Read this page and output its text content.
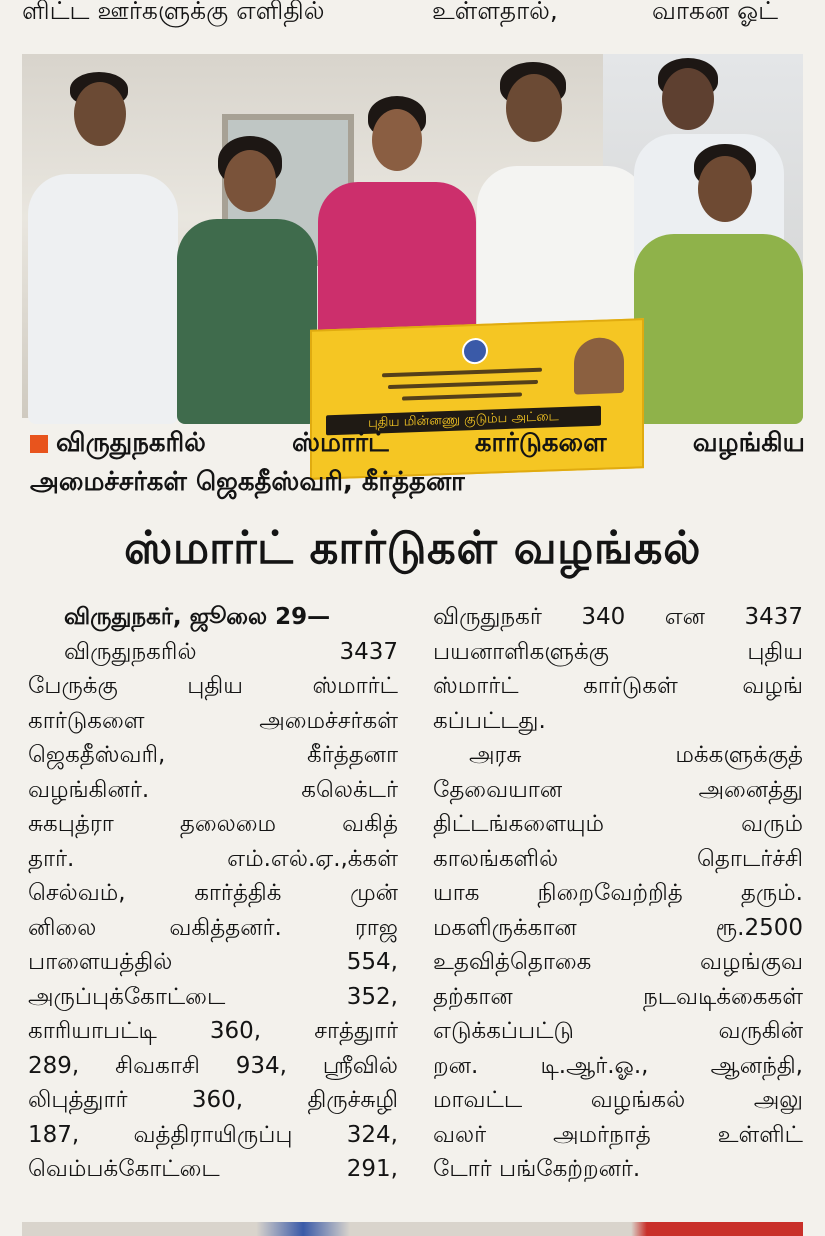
ளிட்ட ஊர்களுக்கு எளிதில்	உள்ளதால்,	வாகன ஓட்
புதிய மின்னணு குடும்ப அட்டை
விருதுநகரில்	ஸ்மார்ட்	கார்டுகளை	வழங்கிய
அமைச்சர்கள் ஜெகதீஸ்வரி, கீர்த்தனா
ஸ்மார்ட் கார்டுகள் வழங்கல்
விருதுநகர், ஜூலை 29—
விருதுநகரில்	3437
பேருக்கு	புதிய	ஸ்மார்ட்
கார்டுகளை	அமைச்சர்கள்
ஜெகதீஸ்வரி,	கீர்த்தனா
வழங்கினர்.	கலெக்டர்
சுகபுத்ரா	தலைமை	வகித்
தார்.	எம்.எல்.ஏ.,க்கள்
செல்வம்,	கார்த்திக்	முன்
னிலை	வகித்தனர்.	ராஜ
பாளையத்தில்	554,
அருப்புக்கோட்டை	352,
காரியாபட்டி 360, சாத்துார்
289, சிவகாசி 934, ஸ்ரீவில்
லிபுத்துார்	360,	திருச்சுழி
187, வத்திராயிருப்பு 324,
வெம்பக்கோட்டை	291,
விருதுநகர் 340 என 3437
பயனாளிகளுக்கு	புதிய
ஸ்மார்ட்	கார்டுகள்	வழங்
கப்பட்டது.
அரசு	மக்களுக்குத்
தேவையான	அனைத்து
திட்டங்களையும்	வரும்
காலங்களில்	தொடர்ச்சி
யாக	நிறைவேற்றித்	தரும்.
மகளிருக்கான	ரூ.2500
உதவித்தொகை	வழங்குவ
தற்கான	நடவடிக்கைகள்
எடுக்கப்பட்டு	வருகின்
றன.	டி.ஆர்.ஓ.,	ஆனந்தி,
மாவட்ட	வழங்கல்	அலு
வலர்	அமர்நாத்	உள்ளிட்
டோர் பங்கேற்றனர்.
